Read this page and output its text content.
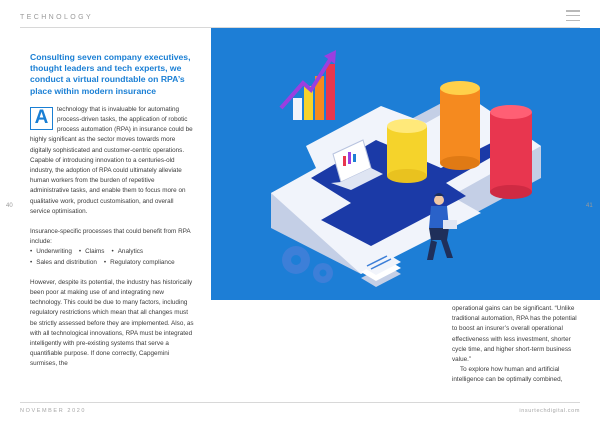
TECHNOLOGY
Consulting seven company executives, thought leaders and tech experts, we conduct a virtual roundtable on RPA’s place within modern insurance
A	technology that is invaluable for automating process-driven tasks, the application of robotic process automation (RPA) in insurance could be highly significant as the sector moves towards more digitally sophisticated and customer-centric operations. Capable of introducing innovation to a centuries-old industry, the adoption of RPA could ultimately alleviate human workers from the burden of repetitive administrative tasks, and enable them to focus more on qualitative work, product customisation, and overall service optimisation.
Insurance-specific processes that could benefit from RPA include:
• Underwriting	• Claims	• Analytics
• Sales and distribution	• Regulatory compliance
However, despite its potential, the industry has historically been poor at making use of and integrating new technology. This could be due to many factors, including regulatory restrictions which mean that all changes must be strictly assessed before they are implemented. Also, as with all technological innovations, RPA must be integrated intelligently with pre-existing systems that serve a quantifiable purpose. If done correctly, Capgemini surmises, the
operational gains can be significant. “Unlike traditional automation, RPA has the potential to boost an insurer’s overall operational effectiveness with less investment, shorter cycle time, and higher short-term business value.”
To explore how human and artificial intelligence can be optimally combined,
40	41
NOVEMBER 2020	insurtechdigital.com
